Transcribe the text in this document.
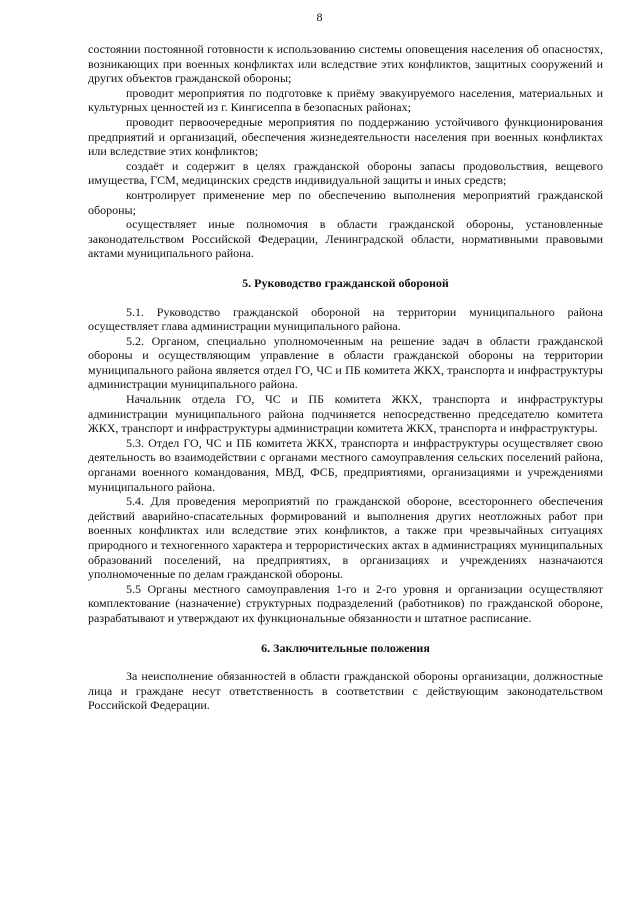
8

состоянии постоянной готовности к использованию системы оповещения населения об опасностях, возникающих при военных конфликтах или вследствие этих конфликтов, защитных сооружений и других объектов гражданской обороны;

проводит мероприятия по подготовке к приёму эвакуируемого населения, материальных и культурных ценностей из г. Кингисеппа в безопасных районах;

проводит первоочередные мероприятия по поддержанию устойчивого функционирования предприятий и организаций, обеспечения жизнедеятельности населения при военных конфликтах или вследствие этих конфликтов;

создаёт и содержит в целях гражданской обороны запасы продовольствия, вещевого имущества, ГСМ, медицинских средств индивидуальной защиты и иных средств;

контролирует применение мер по обеспечению выполнения мероприятий гражданской обороны;

осуществляет иные полномочия в области гражданской обороны, установленные законодательством Российской Федерации, Ленинградской области, нормативными правовыми актами муниципального района.

5. Руководство гражданской обороной

5.1. Руководство гражданской обороной на территории муниципального района осуществляет глава администрации муниципального района.

5.2. Органом, специально уполномоченным на решение задач в области гражданской обороны и осуществляющим управление в области гражданской обороны на территории муниципального района является отдел ГО, ЧС и ПБ комитета ЖКХ, транспорта и инфраструктуры администрации муниципального района.

Начальник отдела ГО, ЧС и ПБ комитета ЖКХ, транспорта и инфраструктуры администрации муниципального района подчиняется непосредственно председателю комитета ЖКХ, транспорт и инфраструктуры администрации комитета ЖКХ, транспорта и инфраструктуры.

5.3. Отдел ГО, ЧС и ПБ комитета ЖКХ, транспорта и инфраструктуры осуществляет свою деятельность во взаимодействии с органами местного самоуправления сельских поселений района, органами военного командования, МВД, ФСБ, предприятиями, организациями и учреждениями муниципального района.

5.4. Для проведения мероприятий по гражданской обороне, всестороннего обеспечения действий аварийно-спасательных формирований и выполнения других неотложных работ при военных конфликтах или вследствие этих конфликтов, а также при чрезвычайных ситуациях природного и техногенного характера и террористических актах в администрациях муниципальных образований поселений, на предприятиях, в организациях и учреждениях назначаются уполномоченные по делам гражданской обороны.

5.5 Органы местного самоуправления 1-го и 2-го уровня и организации осуществляют комплектование (назначение) структурных подразделений (работников) по гражданской обороне, разрабатывают и утверждают их функциональные обязанности и штатное расписание.

6. Заключительные положения

За неисполнение обязанностей в области гражданской обороны организации, должностные лица и граждане несут ответственность в соответствии с действующим законодательством Российской Федерации.
